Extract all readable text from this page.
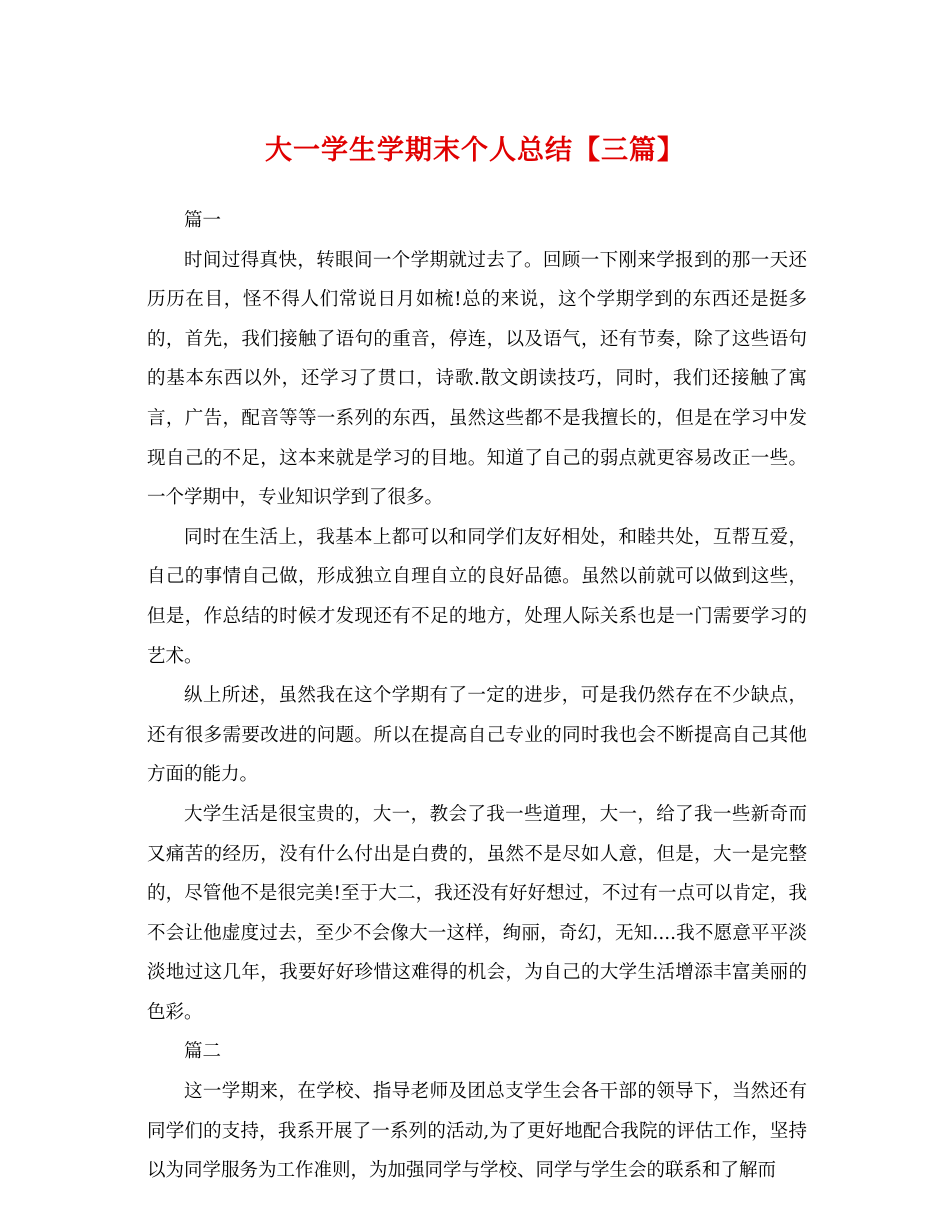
大一学生学期末个人总结【三篇】

篇一

时间过得真快，转眼间一个学期就过去了。回顾一下刚来学报到的那一天还历历在目，怪不得人们常说日月如梳!总的来说，这个学期学到的东西还是挺多的，首先，我们接触了语句的重音，停连，以及语气，还有节奏，除了这些语句的基本东西以外，还学习了贯口，诗歌.散文朗读技巧，同时，我们还接触了寓言，广告，配音等等一系列的东西，虽然这些都不是我擅长的，但是在学习中发现自己的不足，这本来就是学习的目地。知道了自己的弱点就更容易改正一些。一个学期中，专业知识学到了很多。

同时在生活上，我基本上都可以和同学们友好相处，和睦共处，互帮互爱，自己的事情自己做，形成独立自理自立的良好品德。虽然以前就可以做到这些，但是，作总结的时候才发现还有不足的地方，处理人际关系也是一门需要学习的艺术。

纵上所述，虽然我在这个学期有了一定的进步，可是我仍然存在不少缺点，还有很多需要改进的问题。所以在提高自己专业的同时我也会不断提高自己其他方面的能力。

大学生活是很宝贵的，大一，教会了我一些道理，大一，给了我一些新奇而又痛苦的经历，没有什么付出是白费的，虽然不是尽如人意，但是，大一是完整的，尽管他不是很完美!至于大二，我还没有好好想过，不过有一点可以肯定，我不会让他虚度过去，至少不会像大一这样，绚丽，奇幻，无知....我不愿意平平淡淡地过这几年，我要好好珍惜这难得的机会，为自己的大学生活增添丰富美丽的色彩。

篇二

这一学期来，在学校、指导老师及团总支学生会各干部的领导下，当然还有同学们的支持，我系开展了一系列的活动,为了更好地配合我院的评估工作，坚持以为同学服务为工作准则，为加强同学与学校、同学与学生会的联系和了解而
